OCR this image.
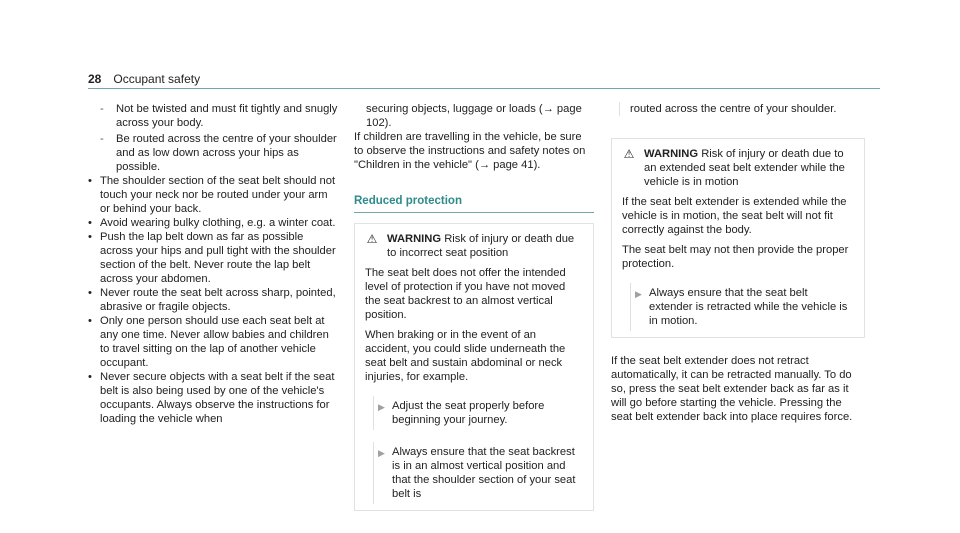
28 Occupant safety
- Not be twisted and must fit tightly and snugly across your body.
- Be routed across the centre of your shoulder and as low down across your hips as possible.
• The shoulder section of the seat belt should not touch your neck nor be routed under your arm or behind your back.
• Avoid wearing bulky clothing, e.g. a winter coat.
• Push the lap belt down as far as possible across your hips and pull tight with the shoulder section of the belt. Never route the lap belt across your abdomen.
• Never route the seat belt across sharp, pointed, abrasive or fragile objects.
• Only one person should use each seat belt at any one time. Never allow babies and children to travel sitting on the lap of another vehicle occupant.
• Never secure objects with a seat belt if the seat belt is also being used by one of the vehicle's occupants. Always observe the instructions for loading the vehicle when

securing objects, luggage or loads (→ page 102).

If children are travelling in the vehicle, be sure to observe the instructions and safety notes on "Children in the vehicle" (→ page 41).

Reduced protection
⚠ WARNING Risk of injury or death due to incorrect seat position

The seat belt does not offer the intended level of protection if you have not moved the seat backrest to an almost vertical position.

When braking or in the event of an accident, you could slide underneath the seat belt and sustain abdominal or neck injuries, for example.

▶ Adjust the seat properly before beginning your journey.
▶ Always ensure that the seat backrest is in an almost vertical position and that the shoulder section of your seat belt is
routed across the centre of your shoulder.
⚠ WARNING Risk of injury or death due to an extended seat belt extender while the vehicle is in motion

If the seat belt extender is extended while the vehicle is in motion, the seat belt will not fit correctly against the body.

The seat belt may not then provide the proper protection.

▶ Always ensure that the seat belt extender is retracted while the vehicle is in motion.

If the seat belt extender does not retract automatically, it can be retracted manually. To do so, press the seat belt extender back as far as it will go before starting the vehicle. Pressing the seat belt extender back into place requires force.
